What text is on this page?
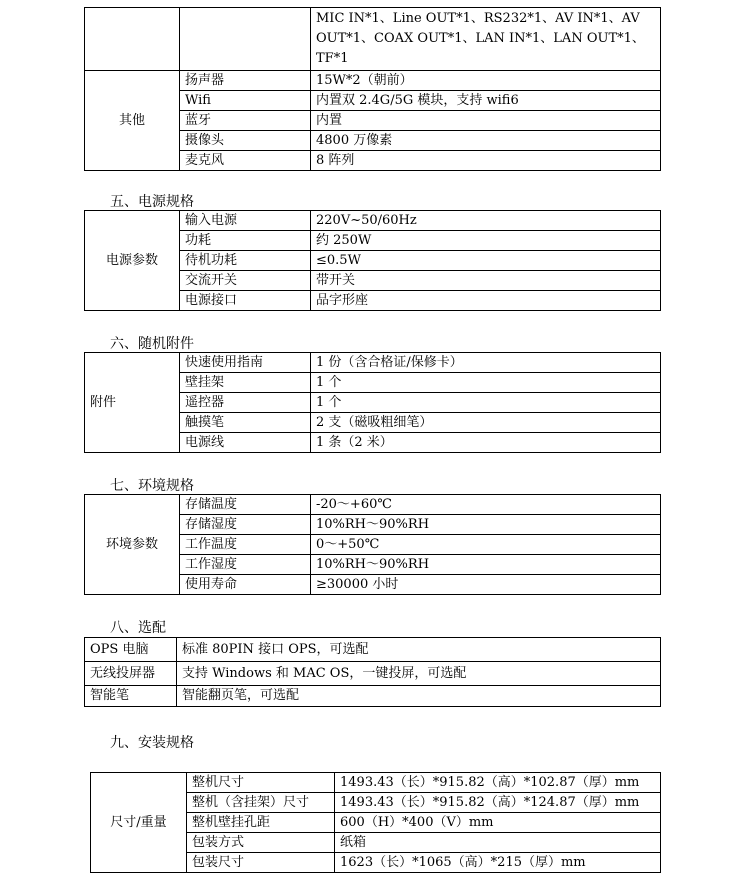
		MIC IN*1、Line OUT*1、RS232*1、AV IN*1、AV OUT*1、COAX OUT*1、LAN IN*1、LAN OUT*1、TF*1
其他	扬声器	15W*2（朝前）
	Wifi	内置双 2.4G/5G 模块，支持 wifi6
	蓝牙	内置
	摄像头	4800 万像素
	麦克风	8 阵列
五、电源规格
电源参数	输入电源	220V~50/60Hz
	功耗	约 250W
	待机功耗	≤0.5W
	交流开关	带开关
	电源接口	品字形座
六、随机附件
附件	快速使用指南	1 份（含合格证/保修卡）
	壁挂架	1 个
	遥控器	1 个
	触摸笔	2 支（磁吸粗细笔）
	电源线	1 条（2 米）
七、环境规格
环境参数	存储温度	-20～+60℃
	存储湿度	10%RH～90%RH
	工作温度	0～+50℃
	工作湿度	10%RH～90%RH
	使用寿命	≥30000 小时
八、选配
OPS 电脑	标准 80PIN 接口 OPS，可选配
无线投屏器	支持 Windows 和 MAC OS，一键投屏，可选配
智能笔	智能翻页笔，可选配
九、安装规格
尺寸/重量	整机尺寸	1493.43（长）*915.82（高）*102.87（厚）mm
	整机（含挂架）尺寸	1493.43（长）*915.82（高）*124.87（厚）mm
	整机壁挂孔距	600（H）*400（V）mm
	包装方式	纸箱
	包装尺寸	1623（长）*1065（高）*215（厚）mm
